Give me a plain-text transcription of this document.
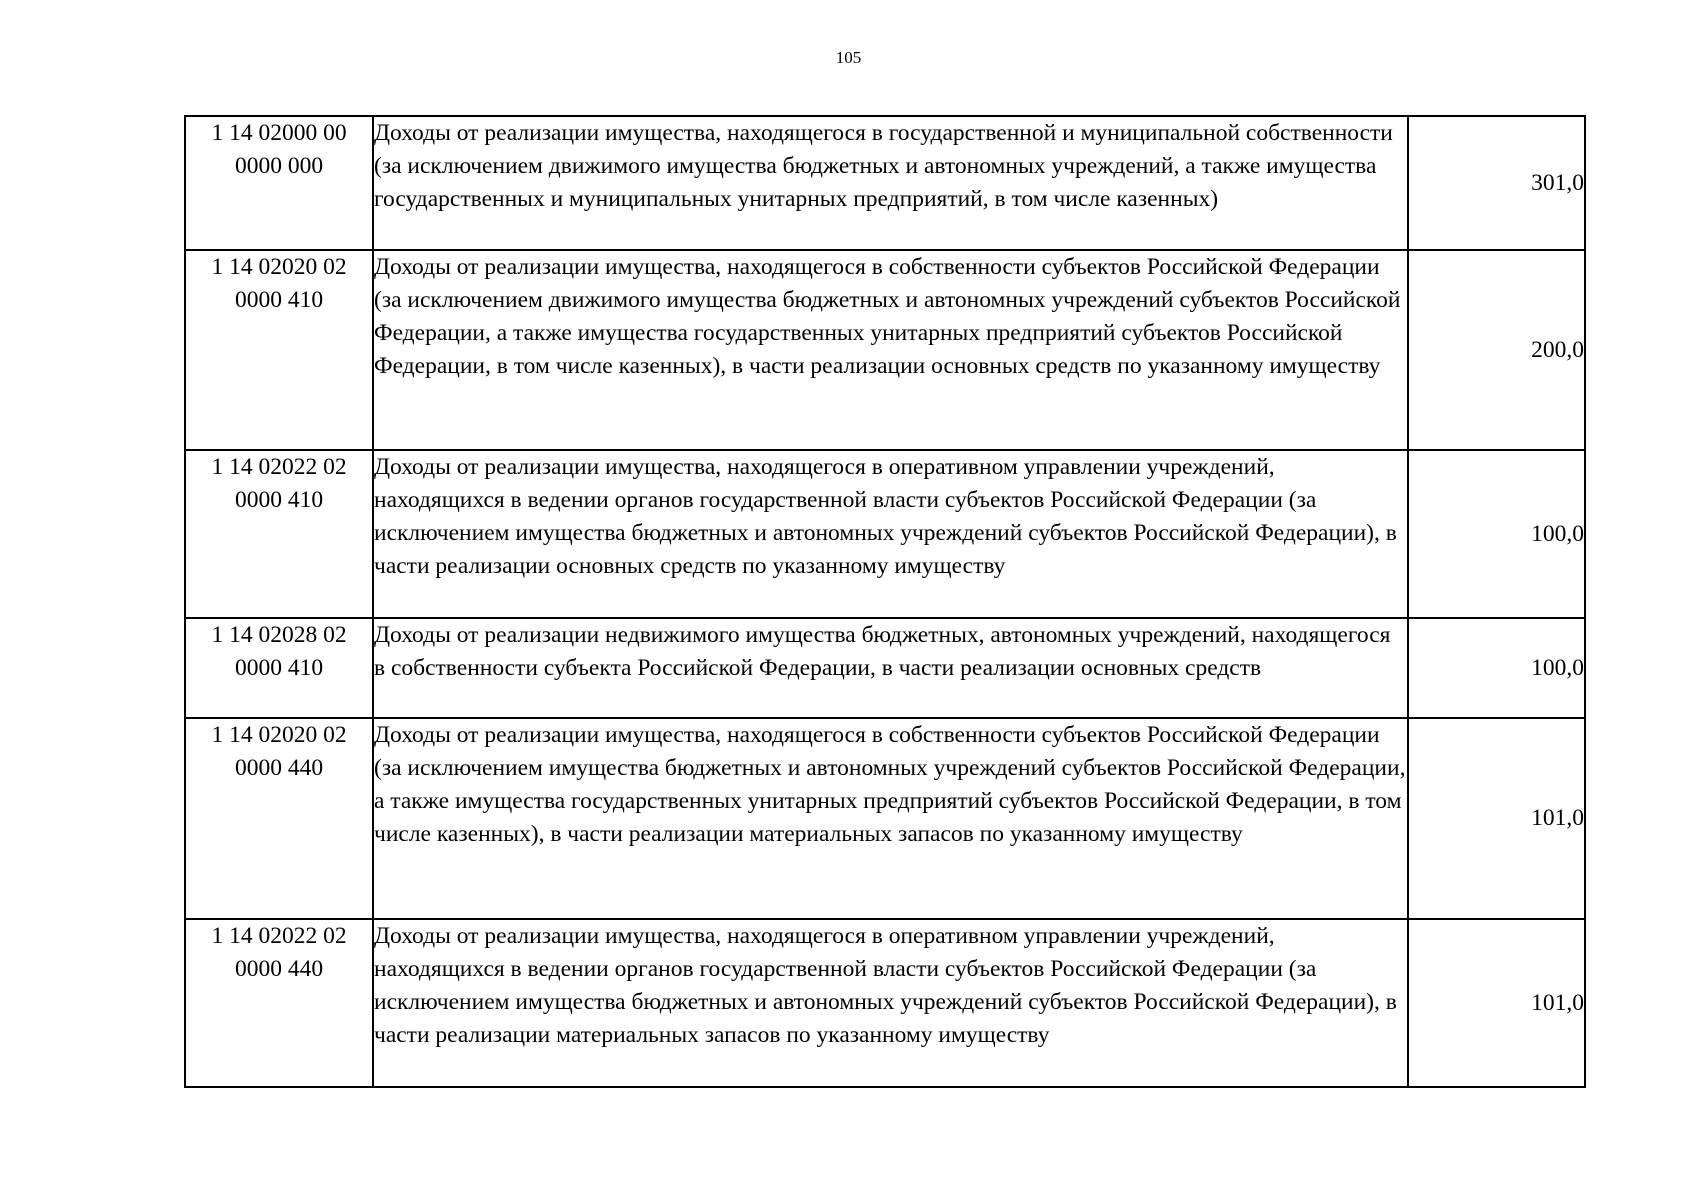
105
1 14 02000 00
0000 000	Доходы от реализации имущества, находящегося в государственной и муниципальной собственности (за исключением движимого имущества бюджетных и автономных учреждений, а также имущества государственных и муниципальных унитарных предприятий, в том числе казенных)	301,0

1 14 02020 02
0000 410	Доходы от реализации имущества, находящегося в собственности субъектов Российской Федерации (за исключением движимого имущества бюджетных и автономных учреждений субъектов Российской Федерации, а также имущества государственных унитарных предприятий субъектов Российской Федерации, в том числе казенных), в части реализации основных средств по указанному имуществу	200,0

1 14 02022 02
0000 410	Доходы от реализации имущества, находящегося в оперативном управлении учреждений, находящихся в ведении органов государственной власти субъектов Российской Федерации (за исключением имущества бюджетных и автономных учреждений субъектов Российской Федерации), в части реализации основных средств по указанному имуществу	100,0

1 14 02028 02
0000 410	Доходы от реализации недвижимого имущества бюджетных, автономных учреждений, находящегося в собственности субъекта Российской Федерации, в части реализации основных средств	100,0

1 14 02020 02
0000 440	Доходы от реализации имущества, находящегося в собственности субъектов Российской Федерации (за исключением имущества бюджетных и автономных учреждений субъектов Российской Федерации, а также имущества государственных унитарных предприятий субъектов Российской Федерации, в том числе казенных), в части реализации материальных запасов по указанному имуществу	101,0

1 14 02022 02
0000 440	Доходы от реализации имущества, находящегося в оперативном управлении учреждений, находящихся в ведении органов государственной власти субъектов Российской Федерации (за исключением имущества бюджетных и автономных учреждений субъектов Российской Федерации), в части реализации материальных запасов по указанному имуществу	101,0
